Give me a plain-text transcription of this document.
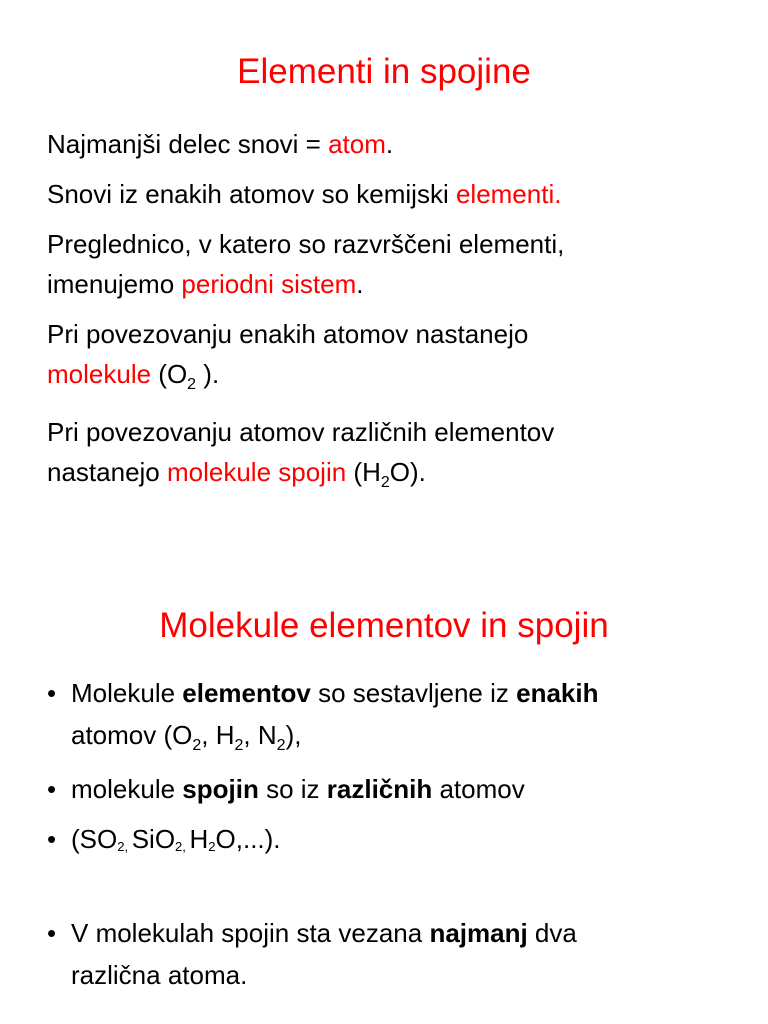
Elementi in spojine

Najmanjši delec snovi = atom.

Snovi iz enakih atomov so kemijski elementi.

Preglednico, v katero so razvrščeni elementi,
imenujemo periodni sistem.

Pri povezovanju enakih atomov nastanejo
molekule ($O_2$ ).

Pri povezovanju atomov različnih elementov
nastanejo molekule spojin $(H_2O)$.

Molekule elementov in spojin
• Molekule elementov so sestavljene iz enakih
atomov ($O_2$, $H_2$, $N_2$),
• molekule spojin so iz različnih atomov
• (SO2, SiO2, H2O,...).
• V molekulah spojin sta vezana najmanj dva
različna atoma.
